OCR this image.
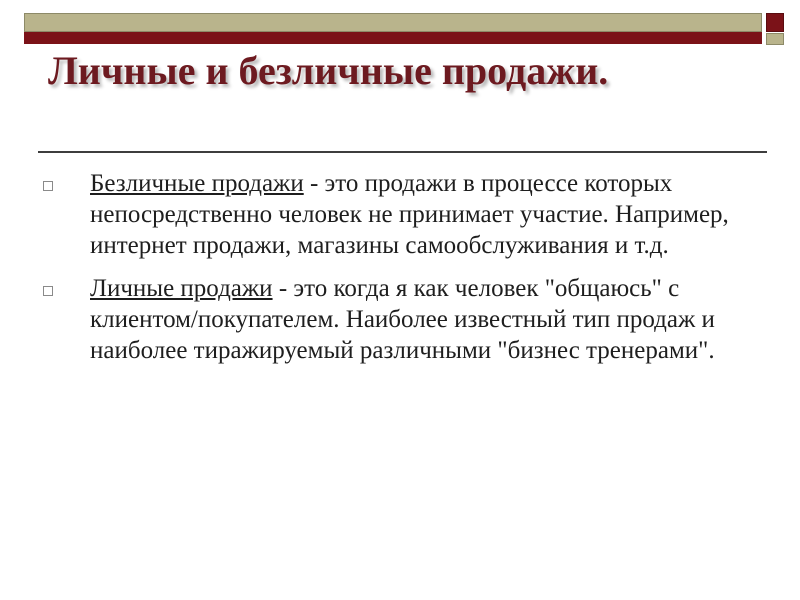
Личные и безличные продажи.
Безличные продажи - это продажи в процессе которых непосредственно человек не принимает участие. Например, интернет продажи, магазины самообслуживания и т.д.
Личные продажи - это когда я как человек "общаюсь" с клиентом/покупателем. Наиболее известный тип продаж и наиболее тиражируемый различными "бизнес тренерами".
